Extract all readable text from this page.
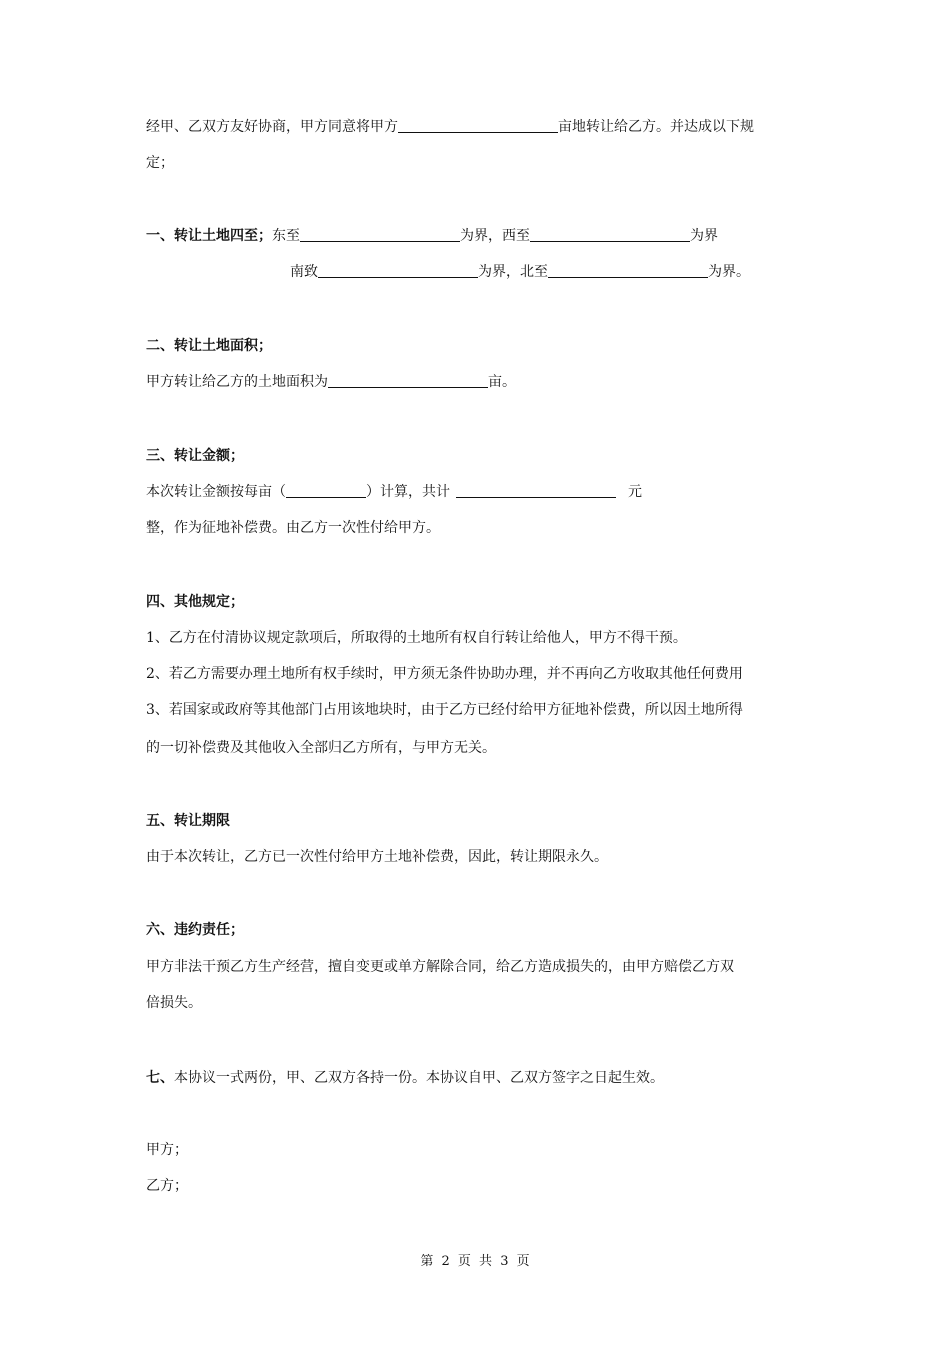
经甲、乙双方友好协商，甲方同意将甲方	亩地转让给乙方。并达成以下规
定；
一、转让土地四至；东至	为界，西至	为界
南致	为界，北至	为界。
二、转让土地面积；
甲方转让给乙方的土地面积为	亩。
三、转让金额；
本次转让金额按每亩（	）计算，共计	元
整，作为征地补偿费。由乙方一次性付给甲方。
四、其他规定；
1、乙方在付清协议规定款项后，所取得的土地所有权自行转让给他人，甲方不得干预。
2、若乙方需要办理土地所有权手续时，甲方须无条件协助办理，并不再向乙方收取其他任何费用
3、若国家或政府等其他部门占用该地块时，由于乙方已经付给甲方征地补偿费，所以因土地所得
的一切补偿费及其他收入全部归乙方所有，与甲方无关。
五、转让期限
由于本次转让，乙方已一次性付给甲方土地补偿费，因此，转让期限永久。
六、违约责任；
甲方非法干预乙方生产经营，擅自变更或单方解除合同，给乙方造成损失的，由甲方赔偿乙方双
倍损失。
七、本协议一式两份，甲、乙双方各持一份。本协议自甲、乙双方签字之日起生效。
甲方；
乙方；
第 2 页 共 3 页
